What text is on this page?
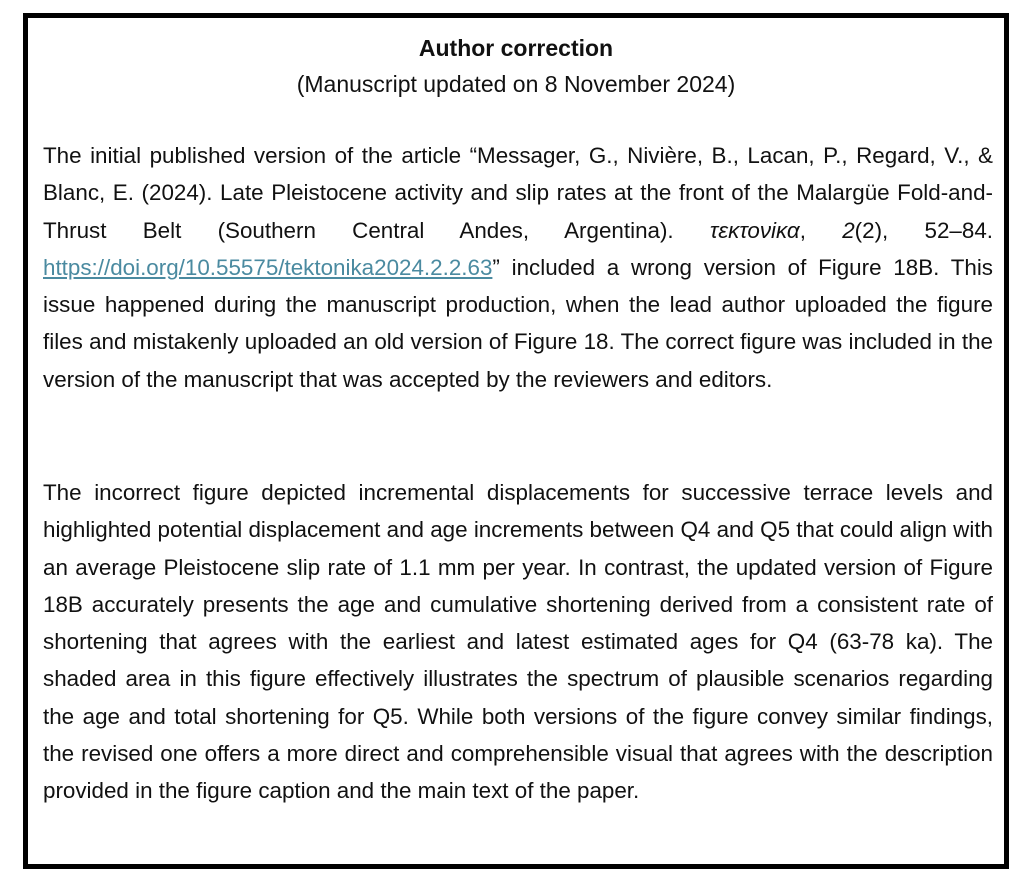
Author correction
(Manuscript updated on 8 November 2024)

The initial published version of the article “Messager, G., Nivière, B., Lacan, P., Regard, V., & Blanc, E. (2024). Late Pleistocene activity and slip rates at the front of the Malargüe Fold-and-Thrust Belt (Southern Central Andes, Argentina). τεκτονiκα, 2(2), 52–84. https://doi.org/10.55575/tektonika2024.2.2.63” included a wrong version of Figure 18B. This issue happened during the manuscript production, when the lead author uploaded the figure files and mistakenly uploaded an old version of Figure 18. The correct figure was included in the version of the manuscript that was accepted by the reviewers and editors.

The incorrect figure depicted incremental displacements for successive terrace levels and highlighted potential displacement and age increments between Q4 and Q5 that could align with an average Pleistocene slip rate of 1.1 mm per year. In contrast, the updated version of Figure 18B accurately presents the age and cumulative shortening derived from a consistent rate of shortening that agrees with the earliest and latest estimated ages for Q4 (63-78 ka). The shaded area in this figure effectively illustrates the spectrum of plausible scenarios regarding the age and total shortening for Q5. While both versions of the figure convey similar findings, the revised one offers a more direct and comprehensible visual that agrees with the description provided in the figure caption and the main text of the paper.
